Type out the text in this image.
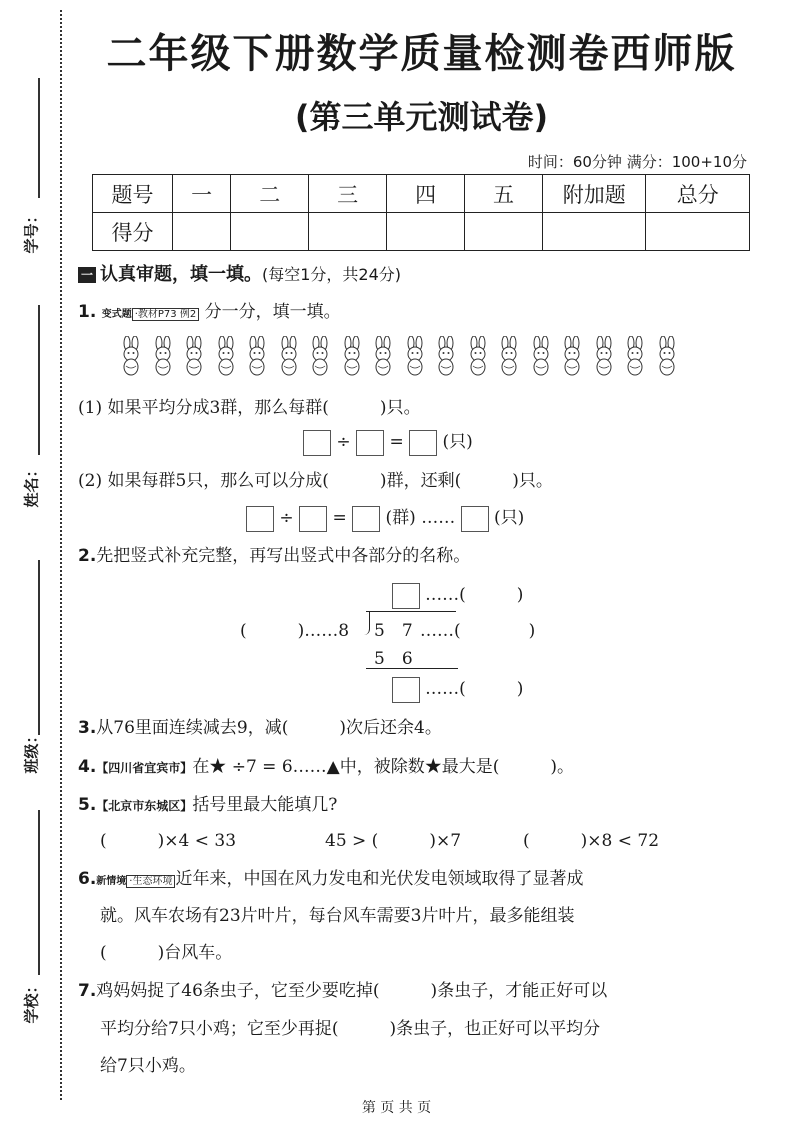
学号：
姓名：
班级：
学校：
二年级下册数学质量检测卷西师版
(第三单元测试卷)
时间：60分钟 满分：100+10分
题号	一	二	三	四	五	附加题	总分
得分							
一 认真审题，填一填。(每空1分，共24分)
1. 变式题 ·教材P73 例2 分一分，填一填。
(1) 如果平均分成3群，那么每群(　　　)只。
÷ = (只)
(2) 如果每群5只，那么可以分成(　　　)群，还剩(　　　)只。
÷ = (群) …… (只)
2.先把竖式补充完整，再写出竖式中各部分的名称。
……(　　　)
(　　　)……8 5　7 ……(　　　　)
5　6
……(　　　)
3.从76里面连续减去9，减(　　　)次后还余4。
4.【四川省宜宾市】在★ ÷7 = 6……▲中，被除数★最大是(　　　)。
5.【北京市东城区】括号里最大能填几?
(　　　)×4 < 33	45 > (　　　)×7	(　　　)×8 < 72
6.新情境 ·生态环境 近年来，中国在风力发电和光伏发电领域取得了显著成
就。风车农场有23片叶片，每台风车需要3片叶片，最多能组装
(　　　)台风车。
7.鸡妈妈捉了46条虫子，它至少要吃掉(　　　)条虫子，才能正好可以
平均分给7只小鸡；它至少再捉(　　　)条虫子，也正好可以平均分
给7只小鸡。
第 页 共 页
